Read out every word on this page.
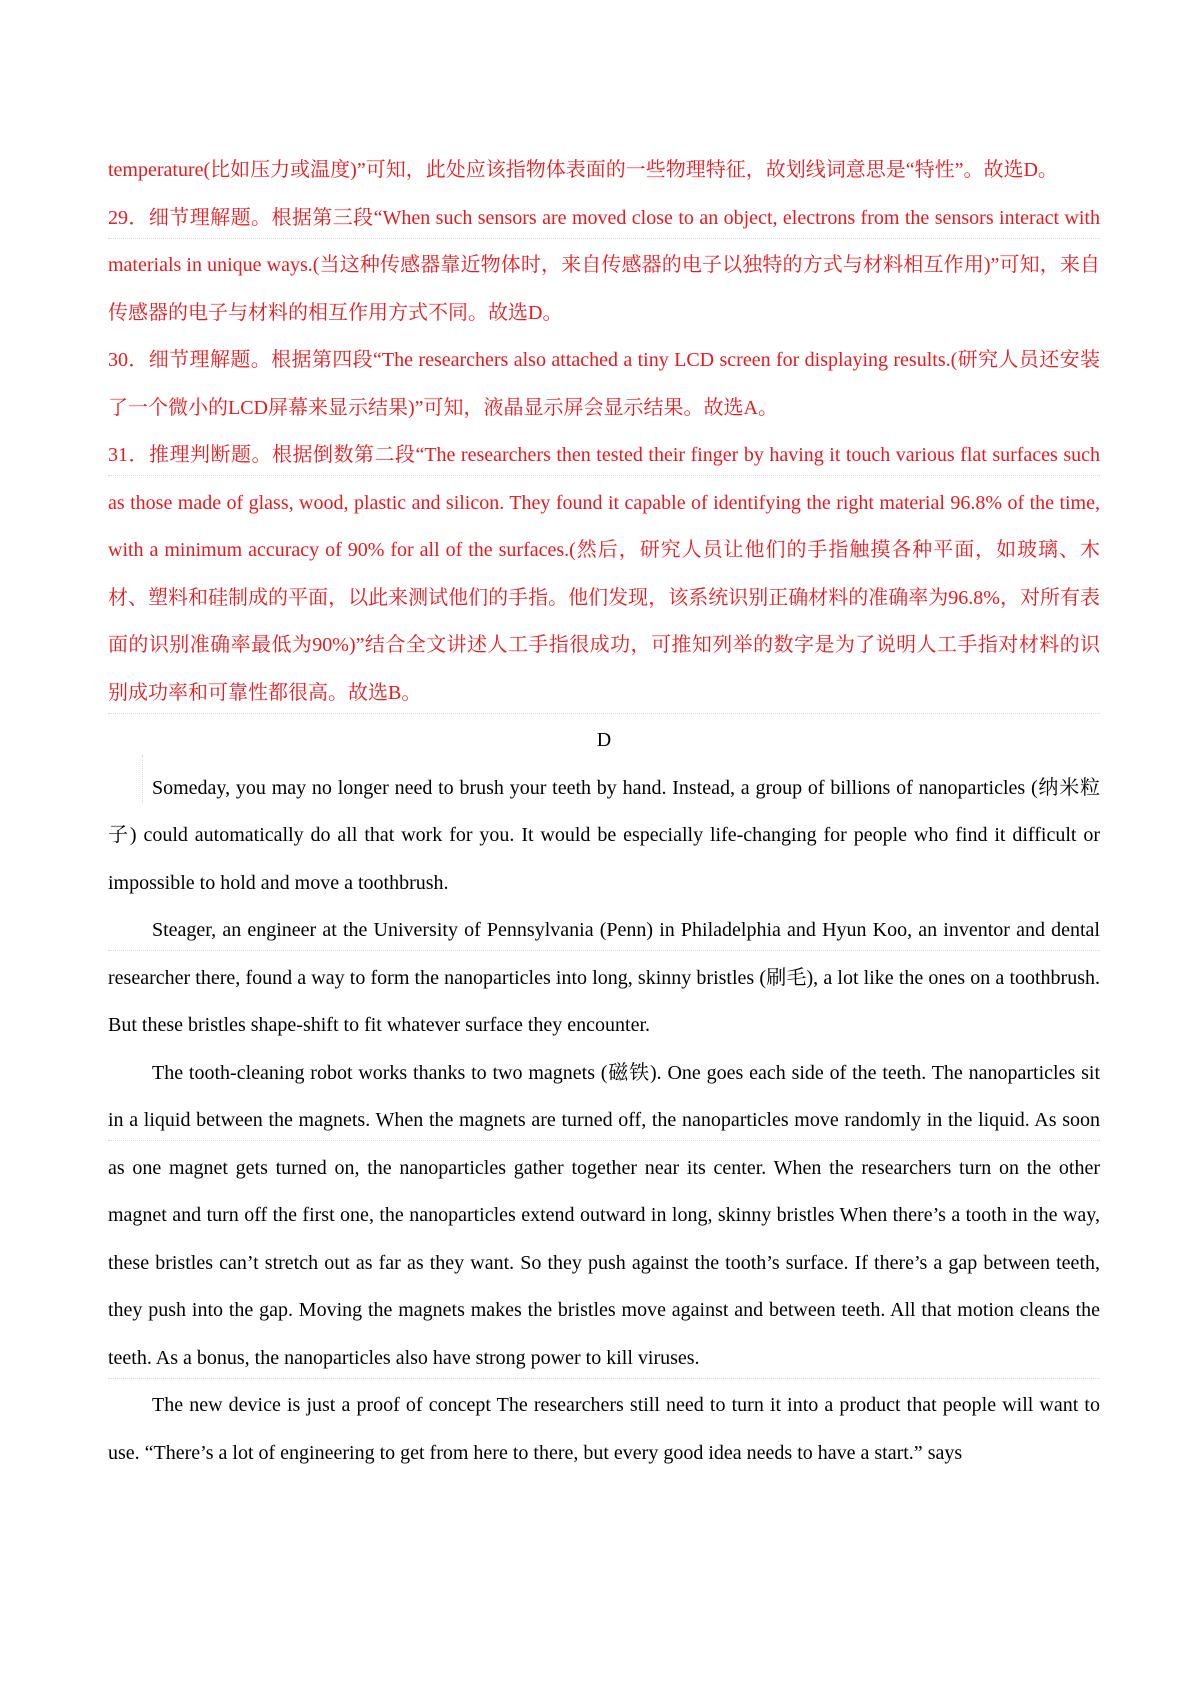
temperature(比如压力或温度)”可知，此处应该指物体表面的一些物理特征，故划线词意思是“特性”。故选D。

29．细节理解题。根据第三段“When such sensors are moved close to an object, electrons from the sensors interact with materials in unique ways.(当这种传感器靠近物体时，来自传感器的电子以独特的方式与材料相互作用)”可知，来自传感器的电子与材料的相互作用方式不同。故选D。

30．细节理解题。根据第四段“The researchers also attached a tiny LCD screen for displaying results.(研究人员还安装了一个微小的LCD屏幕来显示结果)”可知，液晶显示屏会显示结果。故选A。

31．推理判断题。根据倒数第二段“The researchers then tested their finger by having it touch various flat surfaces such as those made of glass, wood, plastic and silicon. They found it capable of identifying the right material 96.8% of the time, with a minimum accuracy of 90% for all of the surfaces.(然后，研究人员让他们的手指触摸各种平面，如玻璃、木材、塑料和硅制成的平面，以此来测试他们的手指。他们发现，该系统识别正确材料的准确率为96.8%，对所有表面的识别准确率最低为90%)”结合全文讲述人工手指很成功，可推知列举的数字是为了说明人工手指对材料的识别成功率和可靠性都很高。故选B。

D

Someday, you may no longer need to brush your teeth by hand. Instead, a group of billions of nanoparticles (纳米粒子) could automatically do all that work for you. It would be especially life-changing for people who find it difficult or impossible to hold and move a toothbrush.

Steager, an engineer at the University of Pennsylvania (Penn) in Philadelphia and Hyun Koo, an inventor and dental researcher there, found a way to form the nanoparticles into long, skinny bristles (刷毛), a lot like the ones on a toothbrush. But these bristles shape-shift to fit whatever surface they encounter.

The tooth-cleaning robot works thanks to two magnets (磁铁). One goes each side of the teeth. The nanoparticles sit in a liquid between the magnets. When the magnets are turned off, the nanoparticles move randomly in the liquid. As soon as one magnet gets turned on, the nanoparticles gather together near its center. When the researchers turn on the other magnet and turn off the first one, the nanoparticles extend outward in long, skinny bristles When there’s a tooth in the way, these bristles can’t stretch out as far as they want. So they push against the tooth’s surface. If there’s a gap between teeth, they push into the gap. Moving the magnets makes the bristles move against and between teeth. All that motion cleans the teeth. As a bonus, the nanoparticles also have strong power to kill viruses.

The new device is just a proof of concept The researchers still need to turn it into a product that people will want to use. “There’s a lot of engineering to get from here to there, but every good idea needs to have a start.” says
